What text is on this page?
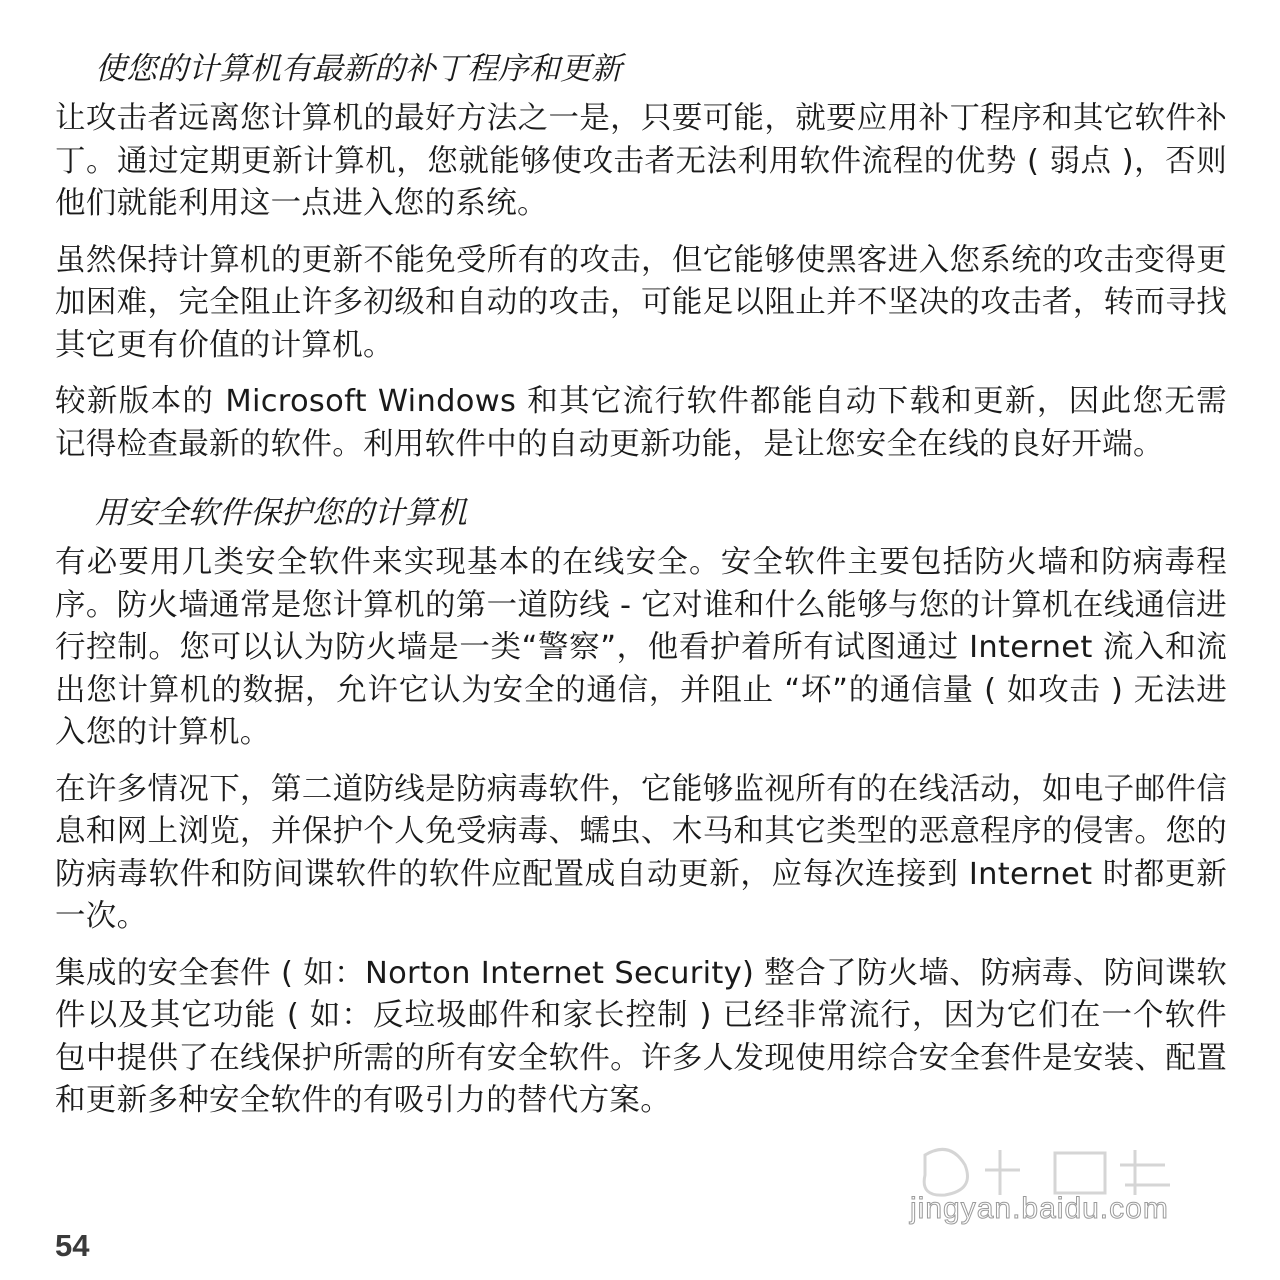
使您的计算机有最新的补丁程序和更新

让攻击者远离您计算机的最好方法之一是，只要可能，就要应用补丁程序和其它软件补丁。通过定期更新计算机，您就能够使攻击者无法利用软件流程的优势 ( 弱点 )，否则他们就能利用这一点进入您的系统。

虽然保持计算机的更新不能免受所有的攻击，但它能够使黑客进入您系统的攻击变得更加困难，完全阻止许多初级和自动的攻击，可能足以阻止并不坚决的攻击者，转而寻找其它更有价值的计算机。

较新版本的 Microsoft Windows 和其它流行软件都能自动下载和更新，因此您无需记得检查最新的软件。利用软件中的自动更新功能，是让您安全在线的良好开端。

用安全软件保护您的计算机

有必要用几类安全软件来实现基本的在线安全。安全软件主要包括防火墙和防病毒程序。防火墙通常是您计算机的第一道防线 - 它对谁和什么能够与您的计算机在线通信进行控制。您可以认为防火墙是一类“警察”，他看护着所有试图通过 Internet 流入和流出您计算机的数据，允许它认为安全的通信，并阻止 “坏”的通信量 ( 如攻击 ) 无法进入您的计算机。

在许多情况下，第二道防线是防病毒软件，它能够监视所有的在线活动，如电子邮件信息和网上浏览，并保护个人免受病毒、蠕虫、木马和其它类型的恶意程序的侵害。您的防病毒软件和防间谍软件的软件应配置成自动更新，应每次连接到 Internet 时都更新一次。

集成的安全套件 ( 如：Norton Internet Security) 整合了防火墙、防病毒、防间谍软件以及其它功能 ( 如：反垃圾邮件和家长控制 ) 已经非常流行，因为它们在一个软件包中提供了在线保护所需的所有安全软件。许多人发现使用综合安全套件是安装、配置和更新多种安全软件的有吸引力的替代方案。

jingyan.baidu.com
54
